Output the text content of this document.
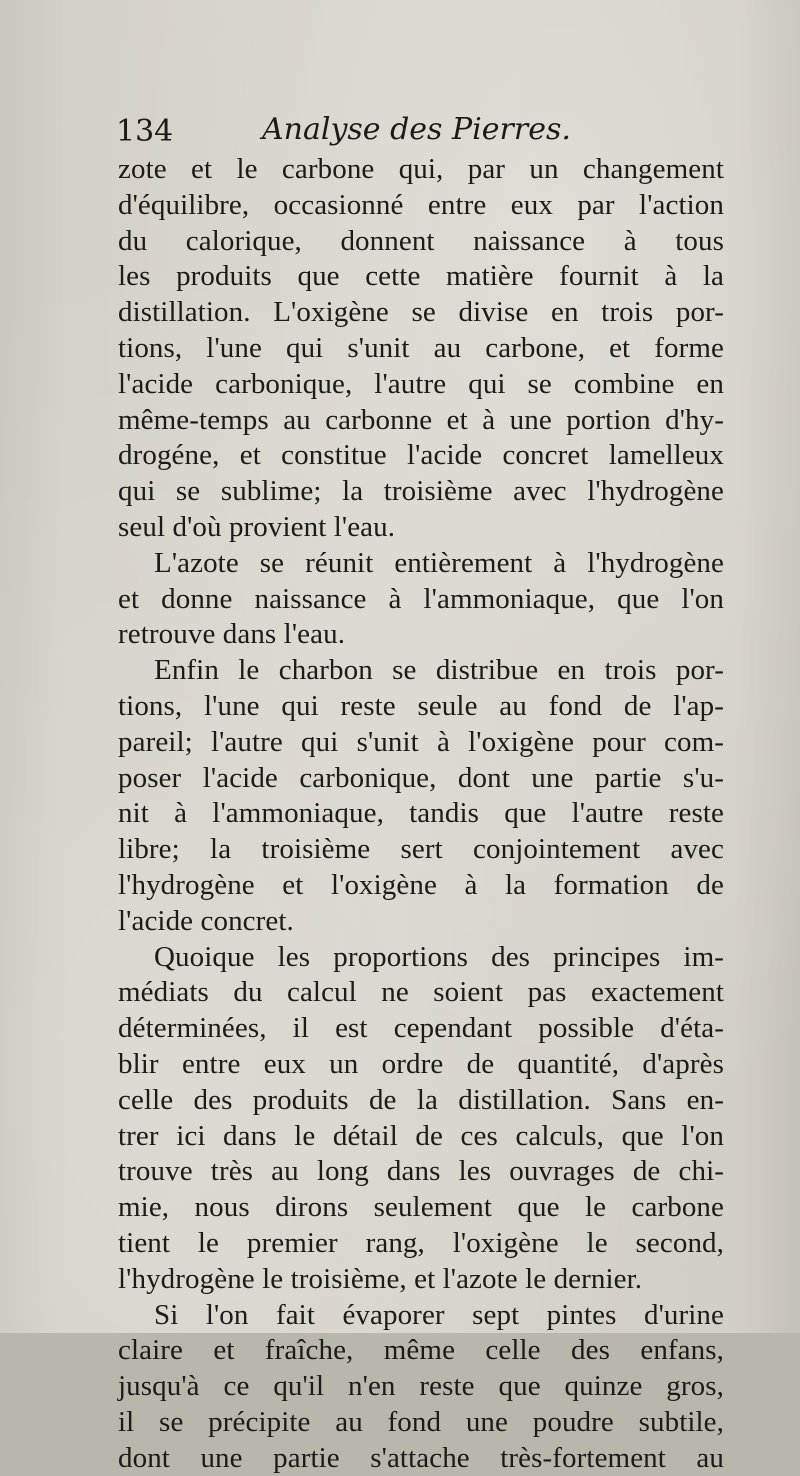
134	Analyse des Pierres.
zote et le carbone qui, par un changement
d'équilibre, occasionné entre eux par l'action
du calorique, donnent naissance à tous
les produits que cette matière fournit à la
distillation. L'oxigène se divise en trois por-
tions, l'une qui s'unit au carbone, et forme
l'acide carbonique, l'autre qui se combine en
même-temps au carbonne et à une portion d'hy-
drogéne, et constitue l'acide concret lamelleux
qui se sublime; la troisième avec l'hydrogène
seul d'où provient l'eau.
L'azote se réunit entièrement à l'hydrogène
et donne naissance à l'ammoniaque, que l'on
retrouve dans l'eau.
Enfin le charbon se distribue en trois por-
tions, l'une qui reste seule au fond de l'ap-
pareil; l'autre qui s'unit à l'oxigène pour com-
poser l'acide carbonique, dont une partie s'u-
nit à l'ammoniaque, tandis que l'autre reste
libre; la troisième sert conjointement avec
l'hydrogène et l'oxigène à la formation de
l'acide concret.
Quoique les proportions des principes im-
médiats du calcul ne soient pas exactement
déterminées, il est cependant possible d'éta-
blir entre eux un ordre de quantité, d'après
celle des produits de la distillation. Sans en-
trer ici dans le détail de ces calculs, que l'on
trouve très au long dans les ouvrages de chi-
mie, nous dirons seulement que le carbone
tient le premier rang, l'oxigène le second,
l'hydrogène le troisième, et l'azote le dernier.
Si l'on fait évaporer sept pintes d'urine
claire et fraîche, même celle des enfans,
jusqu'à ce qu'il n'en reste que quinze gros,
il se précipite au fond une poudre subtile,
dont une partie s'attache très-fortement au
